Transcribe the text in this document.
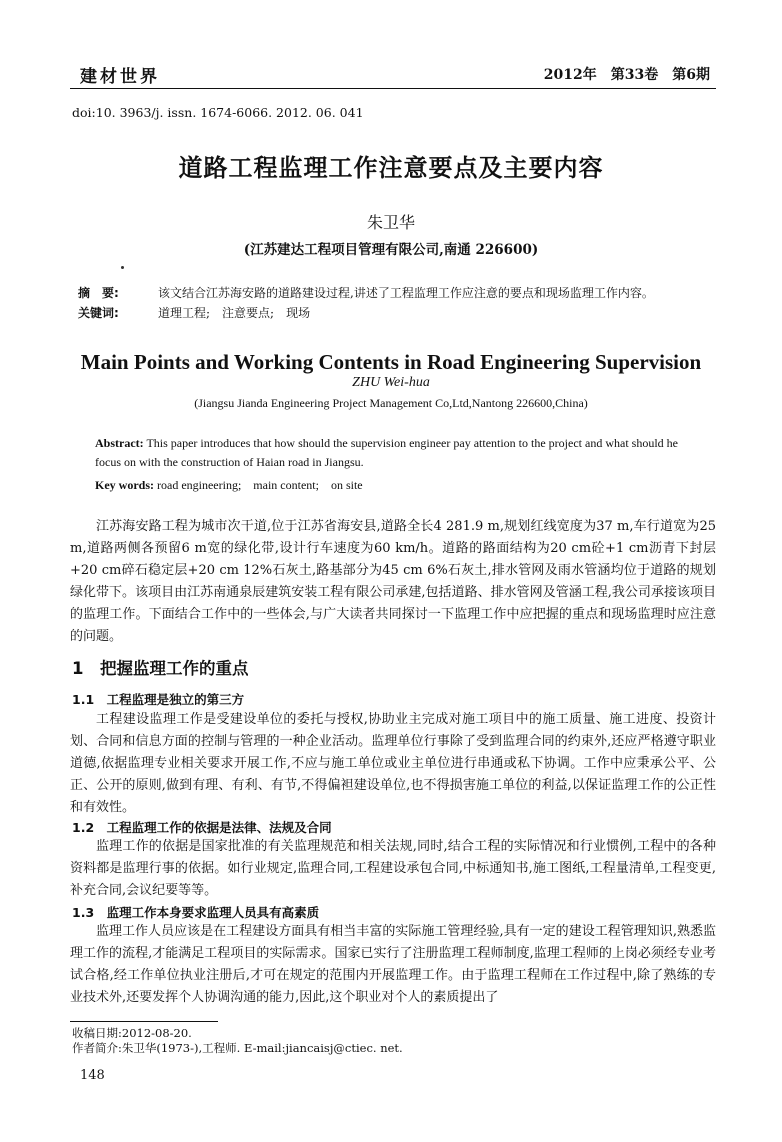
建材世界	2012年　第33卷　第6期
doi:10. 3963/j. issn. 1674-6066. 2012. 06. 041
道路工程监理工作注意要点及主要内容
朱卫华
(江苏建达工程项目管理有限公司,南通 226600)
摘　要:	该文结合江苏海安路的道路建设过程,讲述了工程监理工作应注意的要点和现场监理工作内容。
关键词:	道理工程;　注意要点;　现场
Main Points and Working Contents in Road Engineering Supervision
ZHU Wei-hua
(Jiangsu Jianda Engineering Project Management Co,Ltd,Nantong 226600,China)
Abstract: This paper introduces that how should the supervision engineer pay attention to the project and what should he focus on with the construction of Haian road in Jiangsu.
Key words: road engineering;　main content;　on site
江苏海安路工程为城市次干道,位于江苏省海安县,道路全长4 281.9 m,规划红线宽度为37 m,车行道宽为25 m,道路两侧各预留6 m宽的绿化带,设计行车速度为60 km/h。道路的路面结构为20 cm砼+1 cm沥青下封层+20 cm碎石稳定层+20 cm 12%石灰土,路基部分为45 cm 6%石灰土,排水管网及雨水管涵均位于道路的规划绿化带下。该项目由江苏南通泉辰建筑安装工程有限公司承建,包括道路、排水管网及管涵工程,我公司承接该项目的监理工作。下面结合工作中的一些体会,与广大读者共同探讨一下监理工作中应把握的重点和现场监理时应注意的问题。
1　把握监理工作的重点
1.1　工程监理是独立的第三方
工程建设监理工作是受建设单位的委托与授权,协助业主完成对施工项目中的施工质量、施工进度、投资计划、合同和信息方面的控制与管理的一种企业活动。监理单位行事除了受到监理合同的约束外,还应严格遵守职业道德,依据监理专业相关要求开展工作,不应与施工单位或业主单位进行串通或私下协调。工作中应秉承公平、公正、公开的原则,做到有理、有利、有节,不得偏袒建设单位,也不得损害施工单位的利益,以保证监理工作的公正性和有效性。
1.2　工程监理工作的依据是法律、法规及合同
监理工作的依据是国家批准的有关监理规范和相关法规,同时,结合工程的实际情况和行业惯例,工程中的各种资料都是监理行事的依据。如行业规定,监理合同,工程建设承包合同,中标通知书,施工图纸,工程量清单,工程变更,补充合同,会议纪要等等。
1.3　监理工作本身要求监理人员具有高素质
监理工作人员应该是在工程建设方面具有相当丰富的实际施工管理经验,具有一定的建设工程管理知识,熟悉监理工作的流程,才能满足工程项目的实际需求。国家已实行了注册监理工程师制度,监理工程师的上岗必须经专业考试合格,经工作单位执业注册后,才可在规定的范围内开展监理工作。由于监理工程师在工作过程中,除了熟练的专业技术外,还要发挥个人协调沟通的能力,因此,这个职业对个人的素质提出了
收稿日期:2012-08-20.
作者简介:朱卫华(1973-),工程师. E-mail:jiancaisj@ctiec. net.
148
